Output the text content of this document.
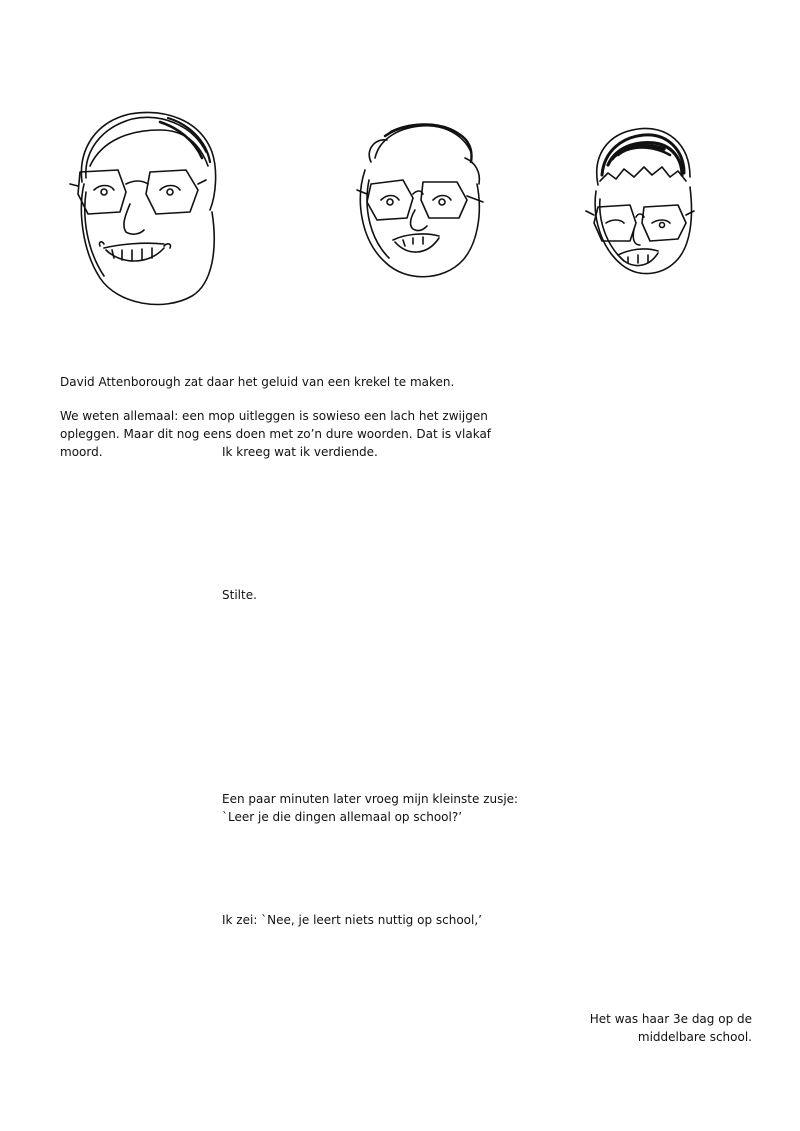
David Attenborough zat daar het geluid van een krekel te maken.
We weten allemaal: een mop uitleggen is sowieso een lach het zwijgen
opleggen. Maar dit nog eens doen met zo’n dure woorden. Dat is vlakaf
moord.	Ik kreeg wat ik verdiende.
Stilte.
Een paar minuten later vroeg mijn kleinste zusje:
`Leer je die dingen allemaal op school?’
Ik zei: `Nee, je leert niets nuttig op school,’
Het was haar 3e dag op de
middelbare school.
